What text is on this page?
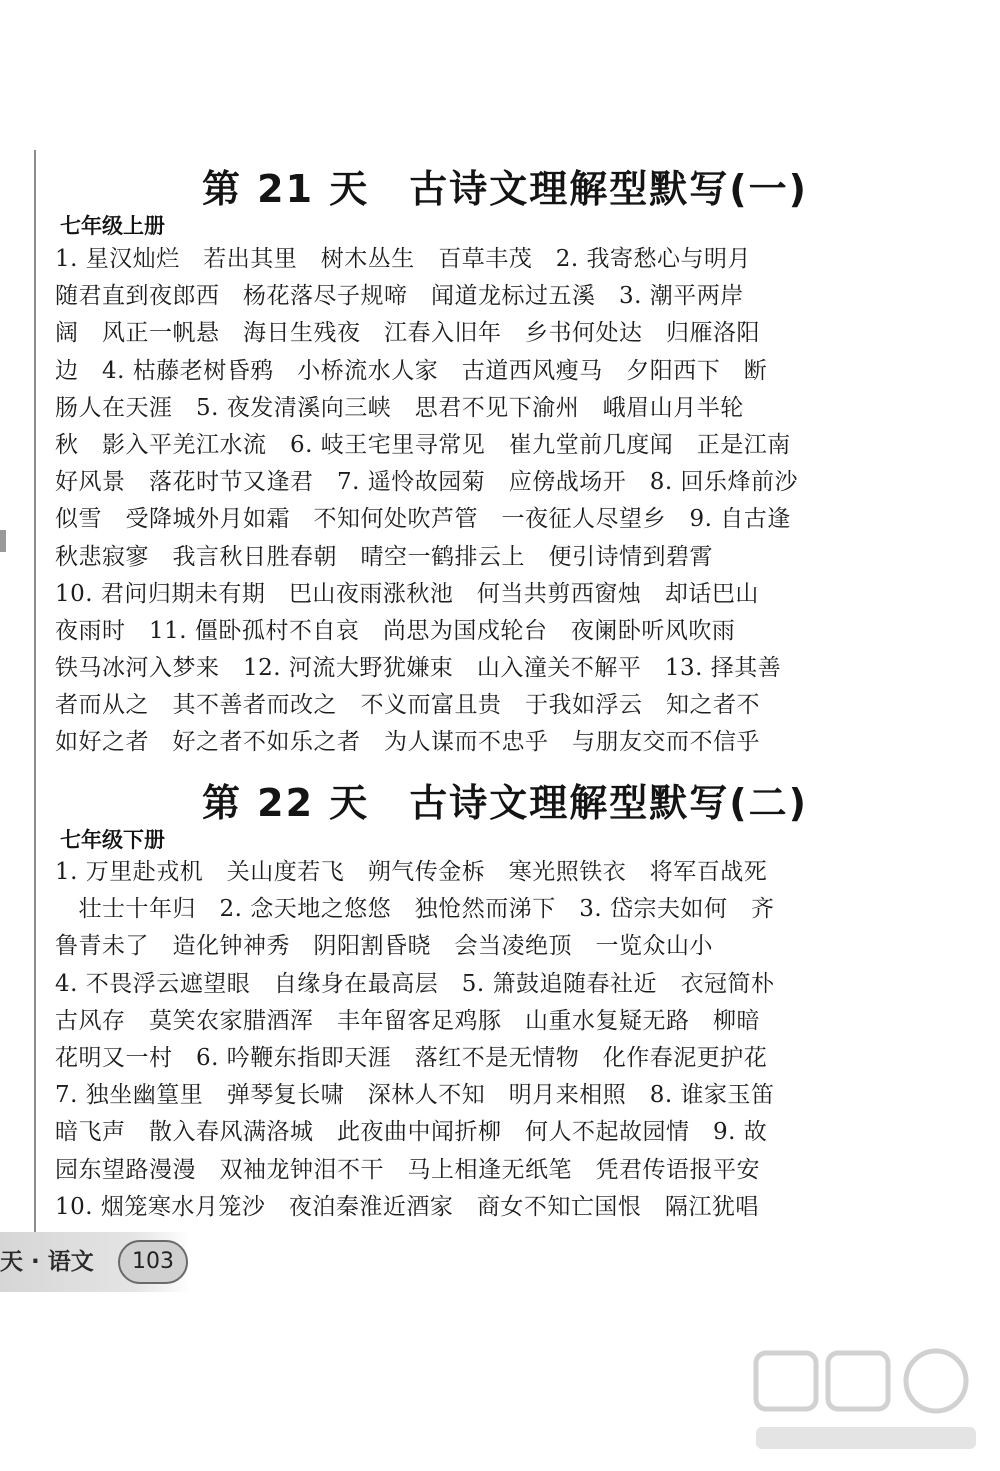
第 21 天　古诗文理解型默写(一)
七年级上册
1. 星汉灿烂　若出其里　树木丛生　百草丰茂　2. 我寄愁心与明月
随君直到夜郎西　杨花落尽子规啼　闻道龙标过五溪　3. 潮平两岸
阔　风正一帆悬　海日生残夜　江春入旧年　乡书何处达　归雁洛阳
边　4. 枯藤老树昏鸦　小桥流水人家　古道西风瘦马　夕阳西下　断
肠人在天涯　5. 夜发清溪向三峡　思君不见下渝州　峨眉山月半轮
秋　影入平羌江水流　6. 岐王宅里寻常见　崔九堂前几度闻　正是江南
好风景　落花时节又逢君　7. 遥怜故园菊　应傍战场开　8. 回乐烽前沙
似雪　受降城外月如霜　不知何处吹芦管　一夜征人尽望乡　9. 自古逢
秋悲寂寥　我言秋日胜春朝　晴空一鹤排云上　便引诗情到碧霄
10. 君问归期未有期　巴山夜雨涨秋池　何当共剪西窗烛　却话巴山
夜雨时　11. 僵卧孤村不自哀　尚思为国戍轮台　夜阑卧听风吹雨
铁马冰河入梦来　12. 河流大野犹嫌束　山入潼关不解平　13. 择其善
者而从之　其不善者而改之　不义而富且贵　于我如浮云　知之者不
如好之者　好之者不如乐之者　为人谋而不忠乎　与朋友交而不信乎
第 22 天　古诗文理解型默写(二)
七年级下册
1. 万里赴戎机　关山度若飞　朔气传金柝　寒光照铁衣　将军百战死
　壮士十年归　2. 念天地之悠悠　独怆然而涕下　3. 岱宗夫如何　齐
鲁青未了　造化钟神秀　阴阳割昏晓　会当凌绝顶　一览众山小
4. 不畏浮云遮望眼　自缘身在最高层　5. 箫鼓追随春社近　衣冠简朴
古风存　莫笑农家腊酒浑　丰年留客足鸡豚　山重水复疑无路　柳暗
花明又一村　6. 吟鞭东指即天涯　落红不是无情物　化作春泥更护花
7. 独坐幽篁里　弹琴复长啸　深林人不知　明月来相照　8. 谁家玉笛
暗飞声　散入春风满洛城　此夜曲中闻折柳　何人不起故园情　9. 故
园东望路漫漫　双袖龙钟泪不干　马上相逢无纸笔　凭君传语报平安
10. 烟笼寒水月笼沙　夜泊秦淮近酒家　商女不知亡国恨　隔江犹唱
天 · 语文	103
